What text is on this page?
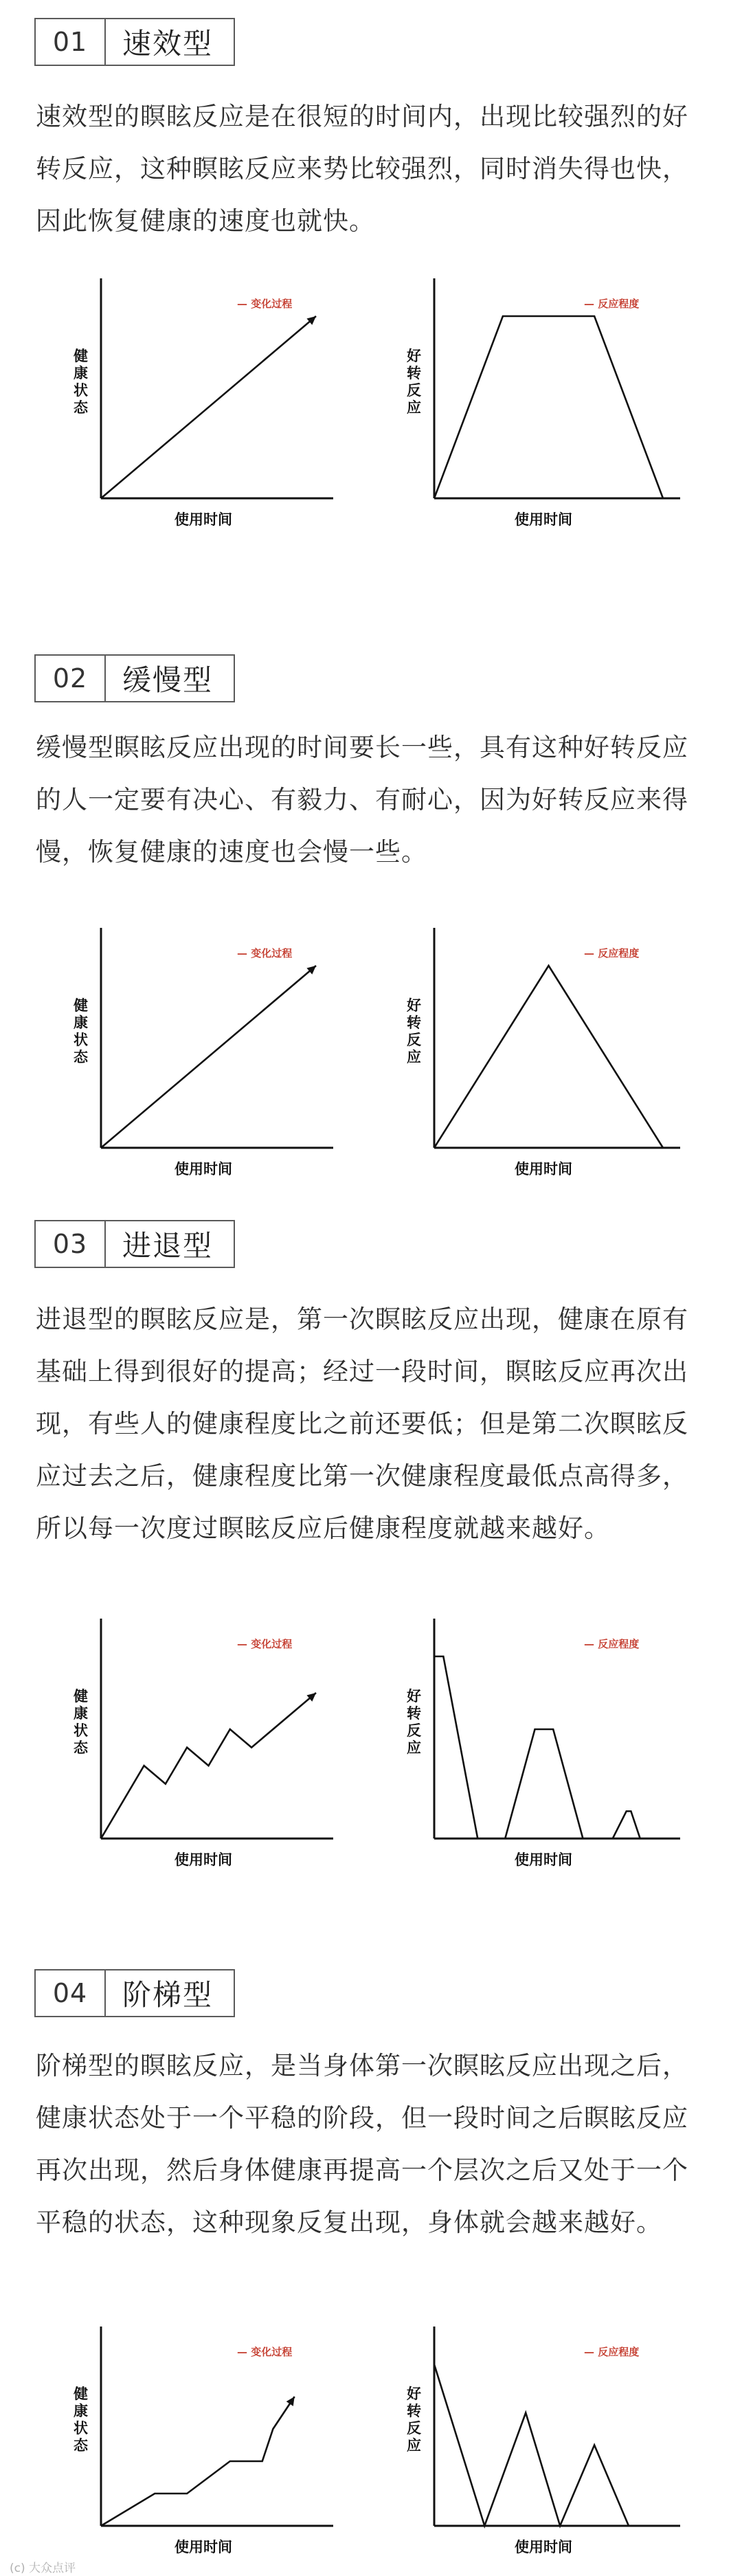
01	速效型

速效型的瞑眩反应是在很短的时间内，出现比较强烈的好转反应，这种瞑眩反应来势比较强烈，同时消失得也快，因此恢复健康的速度也就快。

健康状态
使用时间
— 变化过程
好转反应
使用时间
— 反应程度
02	缓慢型

缓慢型瞑眩反应出现的时间要长一些，具有这种好转反应的人一定要有决心、有毅力、有耐心，因为好转反应来得慢，恢复健康的速度也会慢一些。

健康状态
使用时间
— 变化过程
好转反应
使用时间
— 反应程度
03	进退型

进退型的瞑眩反应是，第一次瞑眩反应出现，健康在原有基础上得到很好的提高；经过一段时间，瞑眩反应再次出现，有些人的健康程度比之前还要低；但是第二次瞑眩反应过去之后，健康程度比第一次健康程度最低点高得多，所以每一次度过瞑眩反应后健康程度就越来越好。

健康状态
使用时间
— 变化过程
好转反应
使用时间
— 反应程度
04	阶梯型

阶梯型的瞑眩反应，是当身体第一次瞑眩反应出现之后，健康状态处于一个平稳的阶段，但一段时间之后瞑眩反应再次出现，然后身体健康再提高一个层次之后又处于一个平稳的状态，这种现象反复出现，身体就会越来越好。

健康状态
使用时间
— 变化过程
好转反应
使用时间
— 反应程度
(c) 大众点评
